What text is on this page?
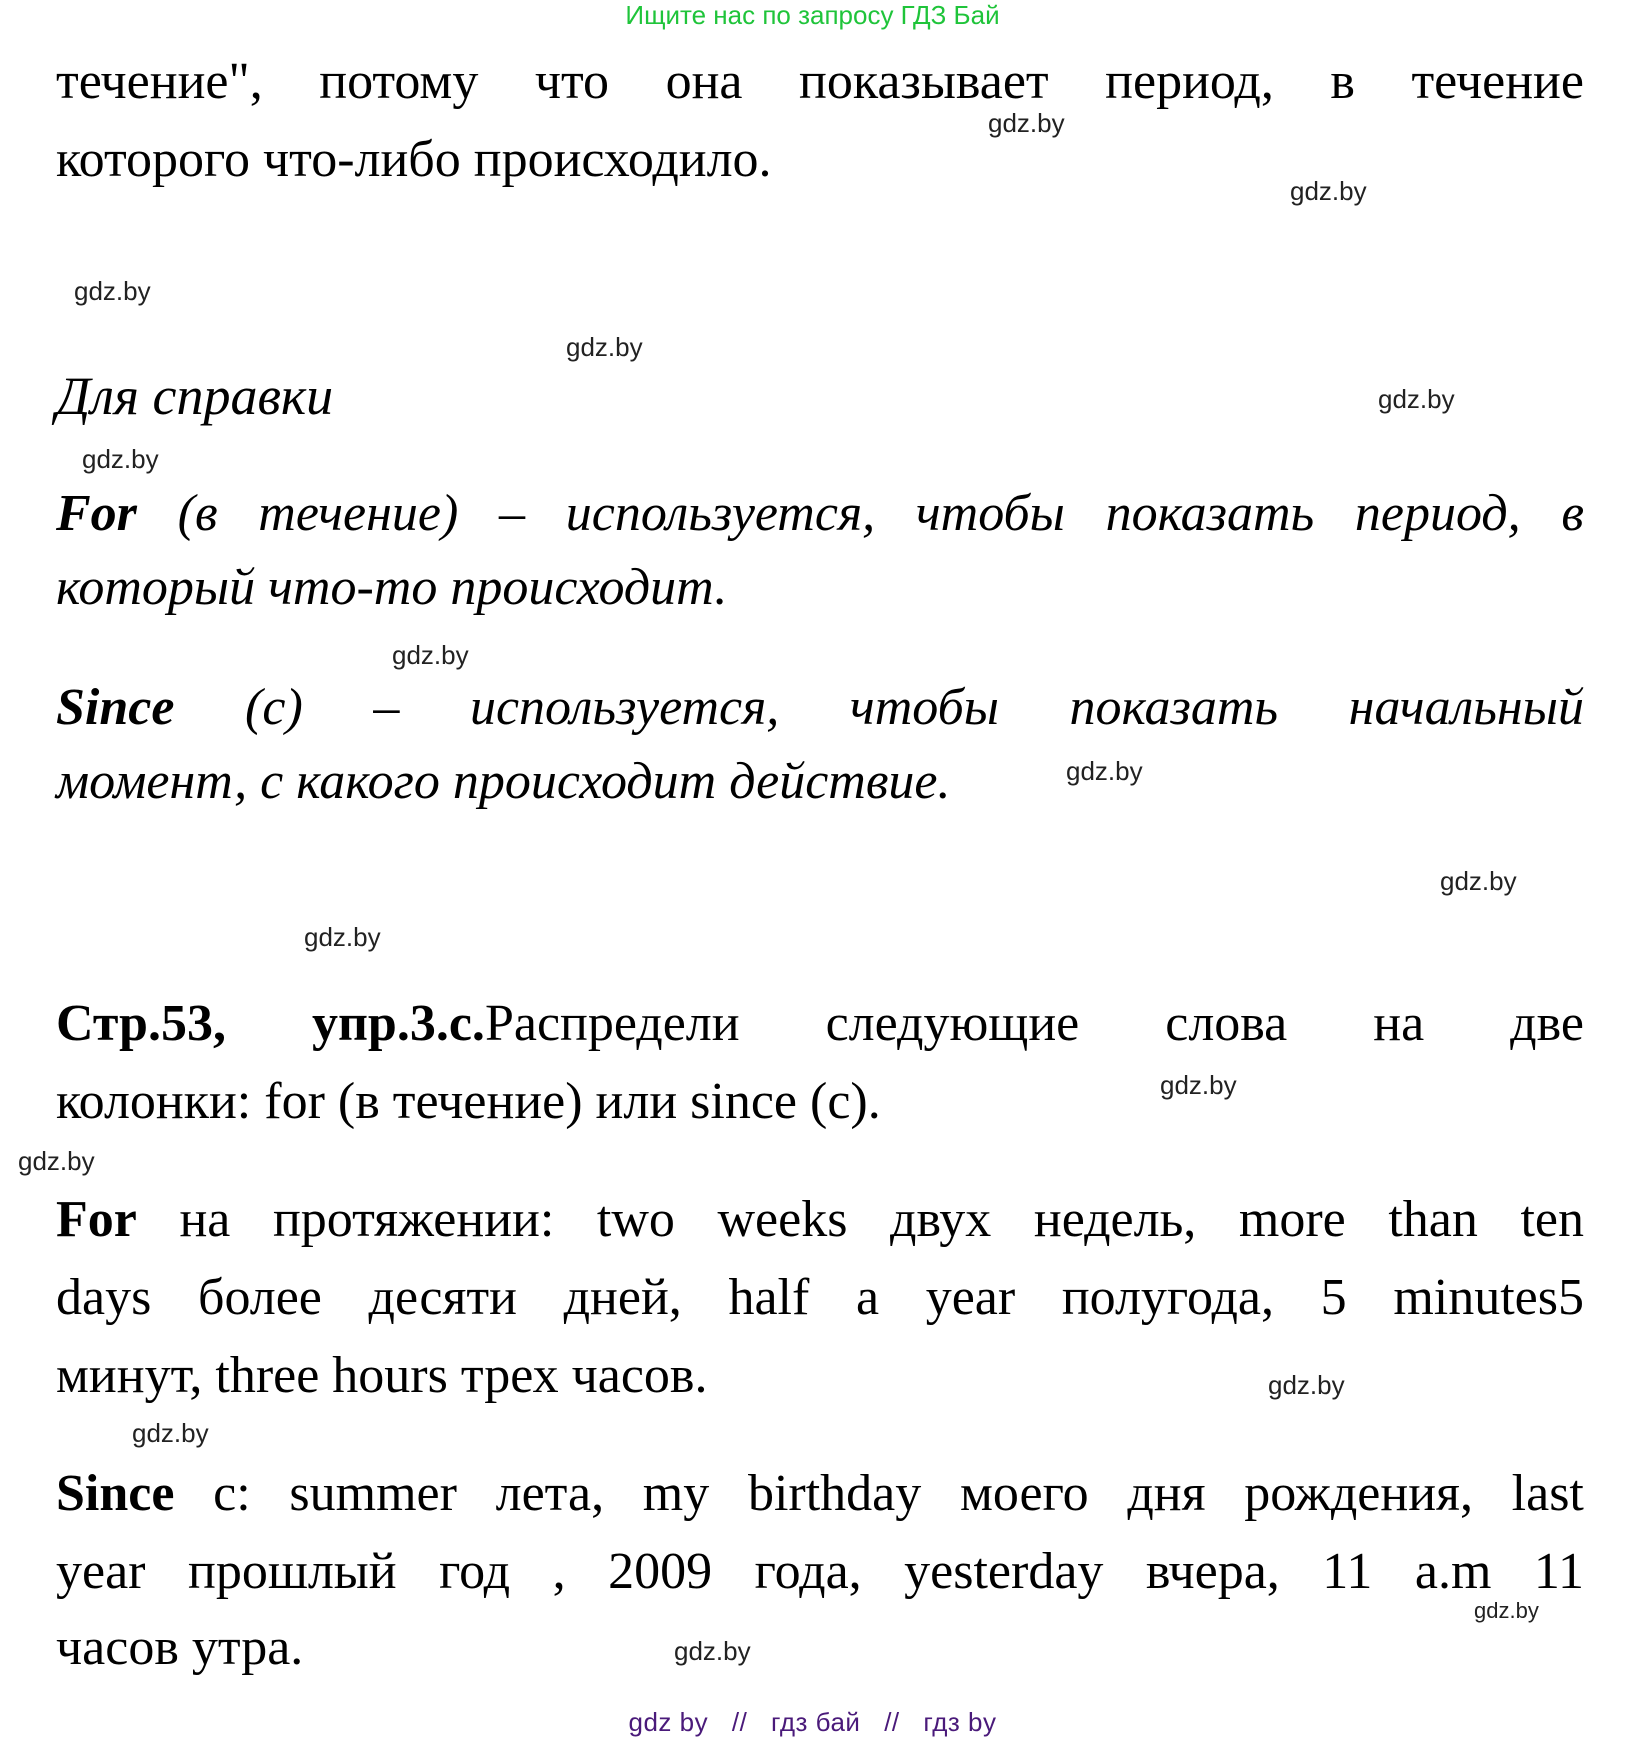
Ищите нас по запросу ГДЗ Бай
течение", потому что она показывает период, в течение
которого что-либо происходило.
Для справки
For (в течение) – используется, чтобы показать период, в
который что-то происходит.
Since (с) – используется, чтобы показать начальный
момент, с какого происходит действие.
Стр.53, упр.3.с.Распредели следующие слова на две
колонки: for (в течение) или since (с).
For на протяжении: two weeks двух недель, more than ten
days более десяти дней, half a year полугода, 5 minutes5
минут, three hours трех часов.
Since с: summer лета, my birthday моего дня рождения, last
year прошлый год , 2009 года, yesterday вчера, 11 a.m 11
часов утра.
gdz.by
gdz.by
gdz.by
gdz.by
gdz.by
gdz.by
gdz.by
gdz.by
gdz.by
gdz.by
gdz.by
gdz.by
gdz.by
gdz.by
gdz.by
gdz.by
gdz by // гдз бай // гдз by
